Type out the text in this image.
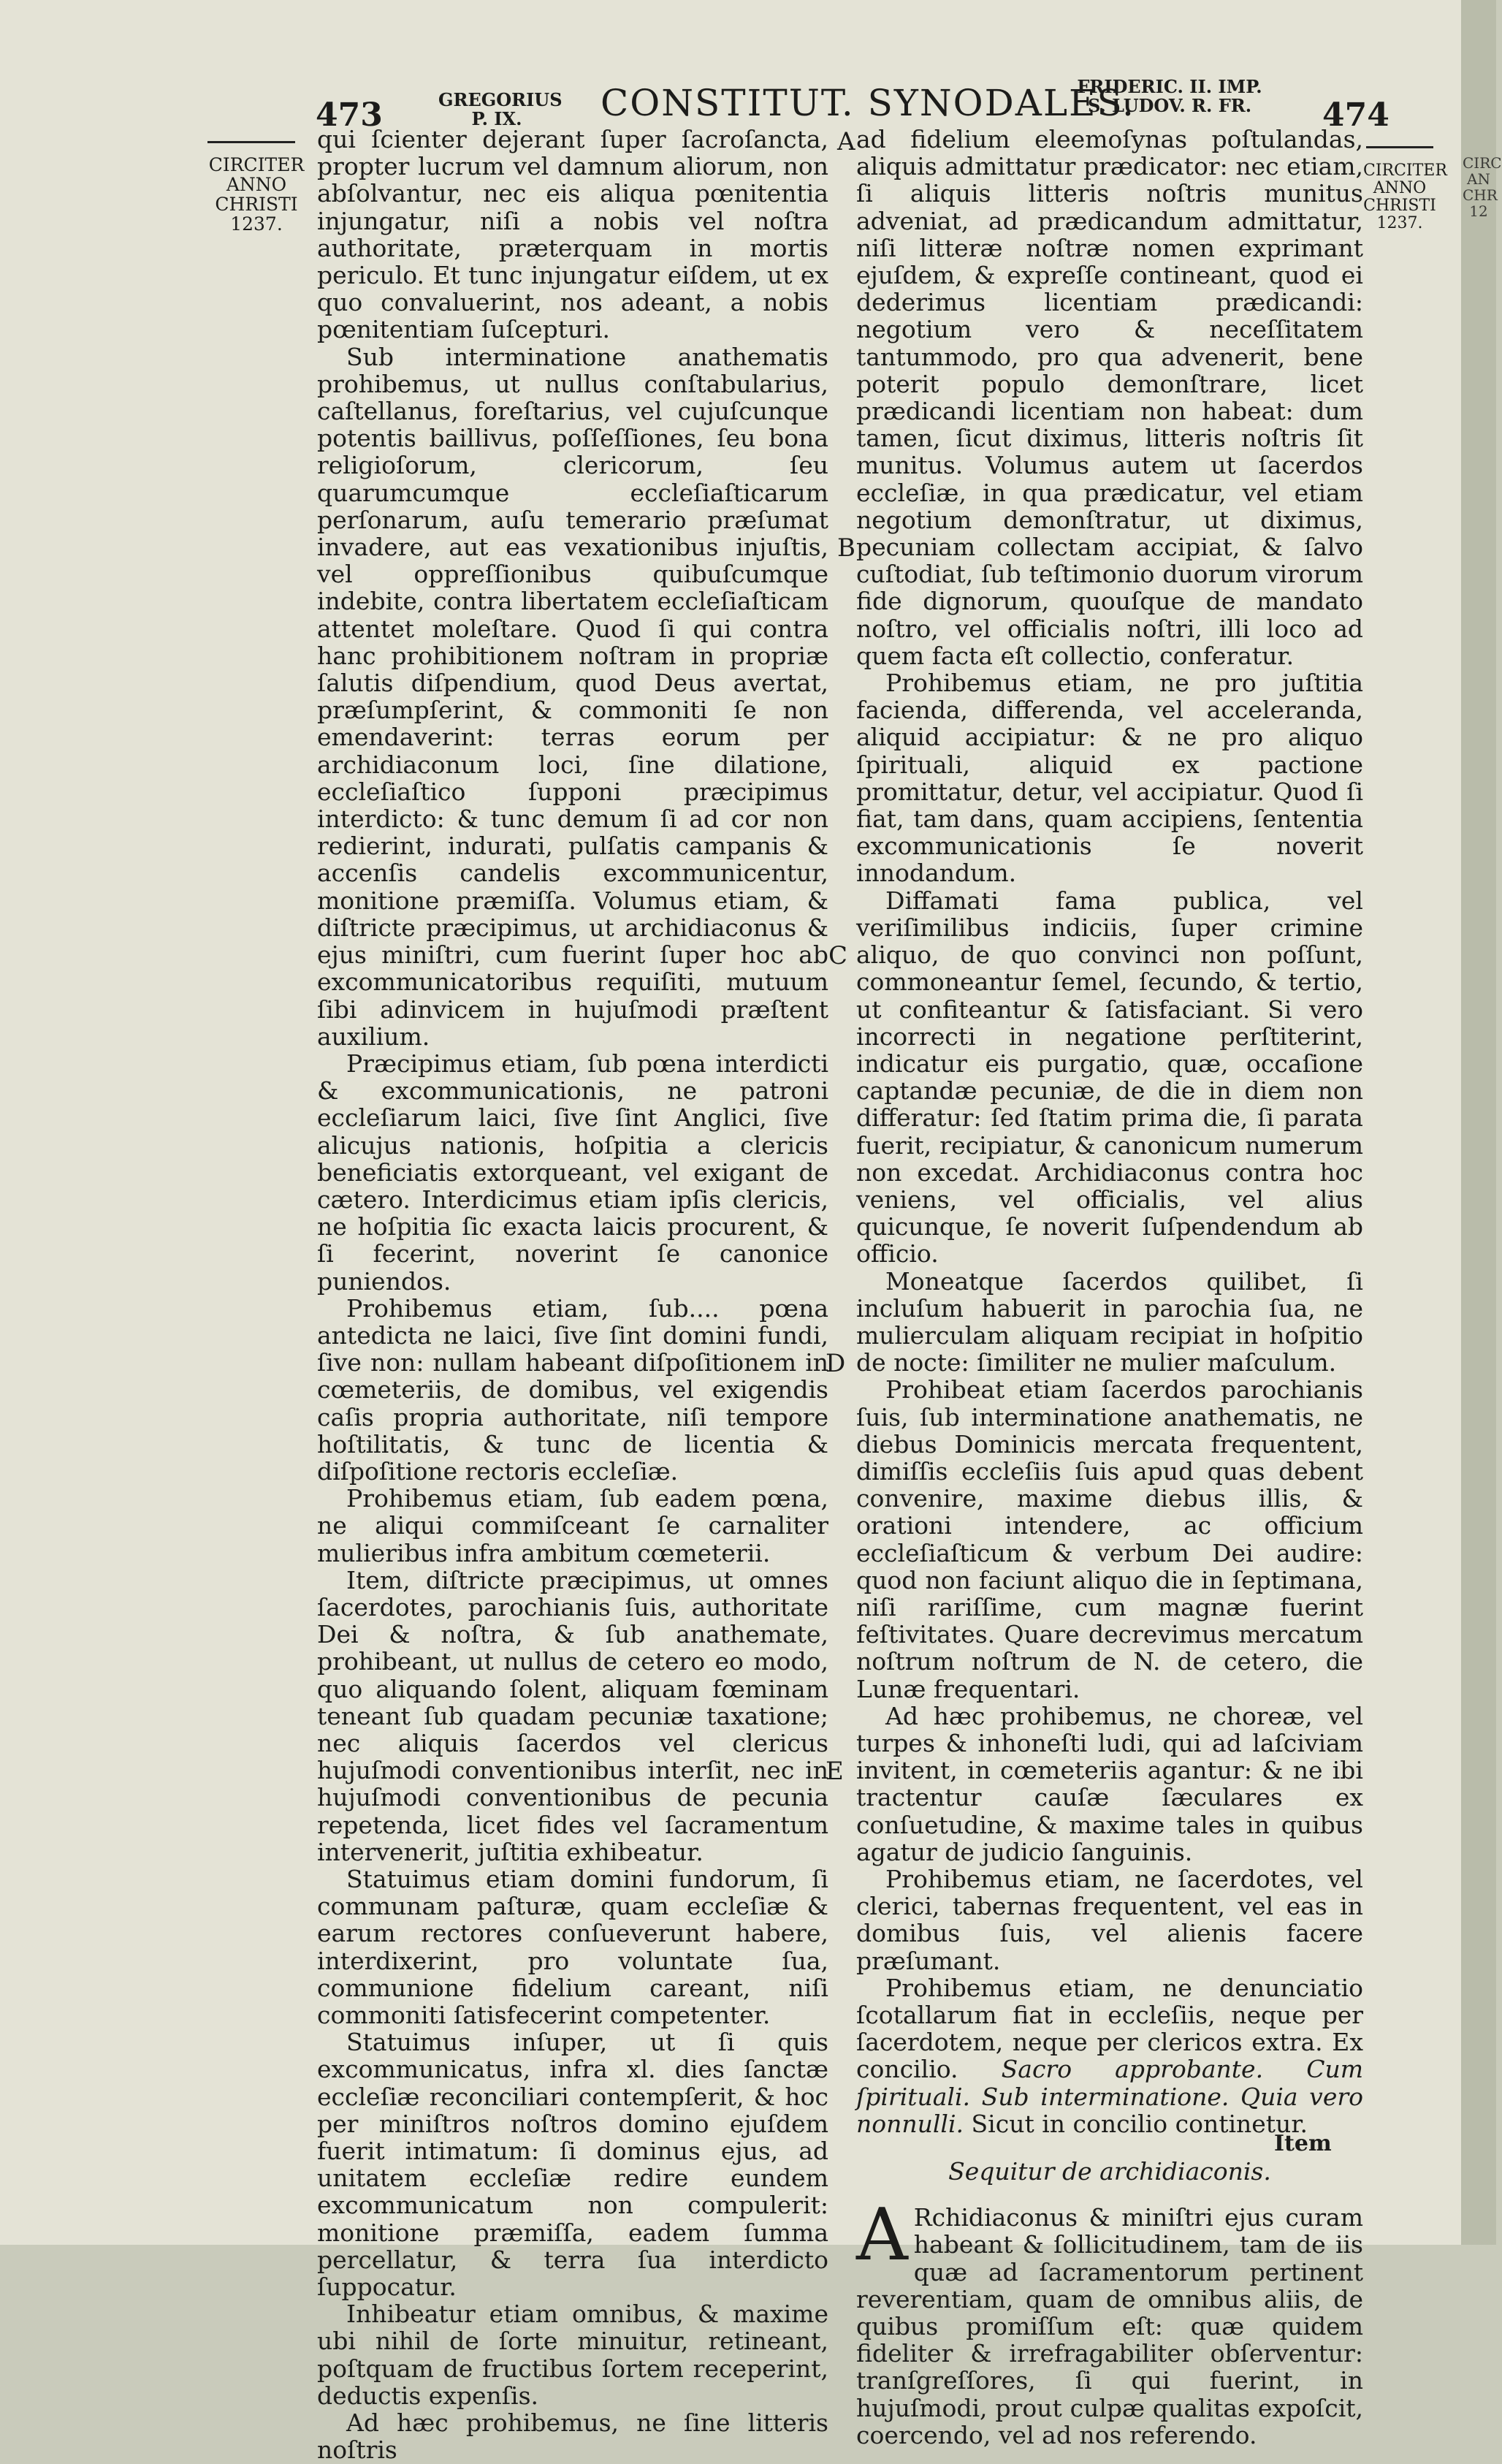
473	GREGORIUS
P. IX.	CONSTITUT. SYNODALES.
FRIDERIC. II. IMP.
S. LUDOV. R. FR.	474
CIRCITER
ANNO
CHRISTI
1237.
CIRCITER
ANNO
CHRISTI
1237.
A
B
C
D
E

qui ſcienter dejerant ſuper ſacroſancta, propter lucrum vel damnum aliorum, non abſolvantur, nec eis aliqua pœnitentia injungatur, niſi a nobis vel noſtra authoritate, præterquam in mortis periculo. Et tunc injungatur eiſdem, ut ex quo convaluerint, nos adeant, a nobis pœnitentiam ſuſcepturi.

Sub interminatione anathematis prohibemus, ut nullus conſtabularius, caſtellanus, foreſtarius, vel cujuſcunque potentis baillivus, poſſeſſiones, ſeu bona religioſorum, clericorum, ſeu quarumcumque eccleſiaſticarum perſonarum, auſu temerario præſumat invadere, aut eas vexationibus injuſtis, vel oppreſſionibus quibuſcumque indebite, contra libertatem eccleſiaſticam attentet moleſtare. Quod ſi qui contra hanc prohibitionem noſtram in propriæ ſalutis diſpendium, quod Deus avertat, præſumpſerint, & commoniti ſe non emendaverint: terras eorum per archidiaconum loci, ſine dilatione, eccleſiaſtico ſupponi præcipimus interdicto: & tunc demum ſi ad cor non redierint, indurati, pulſatis campanis & accenſis candelis excommunicentur, monitione præmiſſa. Volumus etiam, & diſtricte præcipimus, ut archidiaconus & ejus miniſtri, cum fuerint ſuper hoc ab excommunicatoribus requiſiti, mutuum ſibi adinvicem in hujuſmodi præſtent auxilium.

Præcipimus etiam, ſub pœna interdicti & excommunicationis, ne patroni eccleſiarum laici, ſive ſint Anglici, ſive alicujus nationis, hoſpitia a clericis beneficiatis extorqueant, vel exigant de cætero. Interdicimus etiam ipſis clericis, ne hoſpitia ſic exacta laicis procurent, & ſi fecerint, noverint ſe canonice puniendos.

Prohibemus etiam, ſub.... pœna antedicta ne laici, ſive ſint domini fundi, ſive non: nullam habeant diſpoſitionem in cœmeteriis, de domibus, vel exigendis caſis propria authoritate, niſi tempore hoſtilitatis, & tunc de licentia & diſpoſitione rectoris eccleſiæ.

Prohibemus etiam, ſub eadem pœna, ne aliqui commiſceant ſe carnaliter mulieribus infra ambitum cœmeterii.

Item, diſtricte præcipimus, ut omnes ſacerdotes, parochianis ſuis, authoritate Dei & noſtra, & ſub anathemate, prohibeant, ut nullus de cetero eo modo, quo aliquando ſolent, aliquam fœminam teneant ſub quadam pecuniæ taxatione; nec aliquis ſacerdos vel clericus hujuſmodi conventionibus interſit, nec in hujuſmodi conventionibus de pecunia repetenda, licet fides vel ſacramentum intervenerit, juſtitia exhibeatur.

Statuimus etiam domini fundorum, ſi communam paſturæ, quam eccleſiæ & earum rectores conſueverunt habere, interdixerint, pro voluntate ſua, communione fidelium careant, niſi commoniti ſatisfecerint competenter.

Statuimus inſuper, ut ſi quis excommunicatus, infra xl. dies ſanctæ eccleſiæ reconciliari contempſerit, & hoc per miniſtros noſtros domino ejuſdem fuerit intimatum: ſi dominus ejus, ad unitatem eccleſiæ redire eundem excommunicatum non compulerit: monitione præmiſſa, eadem ſumma percellatur, & terra ſua interdicto ſuppocatur.

Inhibeatur etiam omnibus, & maxime ubi nihil de ſorte minuitur, retineant, poſtquam de fructibus ſortem receperint, deductis expenſis.

Ad hæc prohibemus, ne ſine litteris noſtris

ad fidelium eleemoſynas poſtulandas, aliquis admittatur prædicator: nec etiam, ſi aliquis litteris noſtris munitus adveniat, ad prædicandum admittatur, niſi litteræ noſtræ nomen exprimant ejuſdem, & expreſſe contineant, quod ei dederimus licentiam prædicandi: negotium vero & neceſſitatem tantummodo, pro qua advenerit, bene poterit populo demonſtrare, licet prædicandi licentiam non habeat: dum tamen, ſicut diximus, litteris noſtris ſit munitus. Volumus autem ut ſacerdos eccleſiæ, in qua prædicatur, vel etiam negotium demonſtratur, ut diximus, pecuniam collectam accipiat, & ſalvo cuſtodiat, ſub teſtimonio duorum virorum fide dignorum, quouſque de mandato noſtro, vel officialis noſtri, illi loco ad quem facta eſt collectio, conferatur.

Prohibemus etiam, ne pro juſtitia facienda, differenda, vel acceleranda, aliquid accipiatur: & ne pro aliquo ſpirituali, aliquid ex pactione promittatur, detur, vel accipiatur. Quod ſi fiat, tam dans, quam accipiens, ſententia excommunicationis ſe noverit innodandum.

Diffamati fama publica, vel veriſimilibus indiciis, ſuper crimine aliquo, de quo convinci non poſſunt, commoneantur ſemel, ſecundo, & tertio, ut confiteantur & ſatisfaciant. Si vero incorrecti in negatione perſtiterint, indicatur eis purgatio, quæ, occaſione captandæ pecuniæ, de die in diem non differatur: ſed ſtatim prima die, ſi parata fuerit, recipiatur, & canonicum numerum non excedat. Archidiaconus contra hoc veniens, vel officialis, vel alius quicunque, ſe noverit ſuſpendendum ab officio.

Moneatque ſacerdos quilibet, ſi incluſum habuerit in parochia ſua, ne mulierculam aliquam recipiat in hoſpitio de nocte: ſimiliter ne mulier maſculum.

Prohibeat etiam ſacerdos parochianis ſuis, ſub interminatione anathematis, ne diebus Dominicis mercata frequentent, dimiſſis eccleſiis ſuis apud quas debent convenire, maxime diebus illis, & orationi intendere, ac officium eccleſiaſticum & verbum Dei audire: quod non faciunt aliquo die in ſeptimana, niſi rariſſime, cum magnæ fuerint feſtivitates. Quare decrevimus mercatum noſtrum noſtrum de N. de cetero, die Lunæ frequentari.

Ad hæc prohibemus, ne choreæ, vel turpes & inhoneſti ludi, qui ad laſciviam invitent, in cœmeteriis agantur: & ne ibi tractentur cauſæ ſæculares ex conſuetudine, & maxime tales in quibus agatur de judicio ſanguinis.

Prohibemus etiam, ne ſacerdotes, vel clerici, tabernas frequentent, vel eas in domibus ſuis, vel alienis facere præſumant.

Prohibemus etiam, ne denunciatio ſcotallarum fiat in eccleſiis, neque per ſacerdotem, neque per clericos extra. Ex concilio. Sacro approbante. Cum ſpirituali. Sub interminatione. Quia vero nonnulli. Sicut in concilio continetur.

Sequitur de archidiaconis.

A Rchidiaconus & miniſtri ejus curam habeant & ſollicitudinem, tam de iis quæ ad ſacramentorum pertinent reverentiam, quam de omnibus aliis, de quibus promiſſum eſt: quæ quidem fideliter & irrefragabiliter obſerventur: tranſgreſſores, ſi qui fuerint, in hujuſmodi, prout culpæ qualitas expoſcit, coercendo, vel ad nos referendo.

Item
CIRC
AN
CHR
12
